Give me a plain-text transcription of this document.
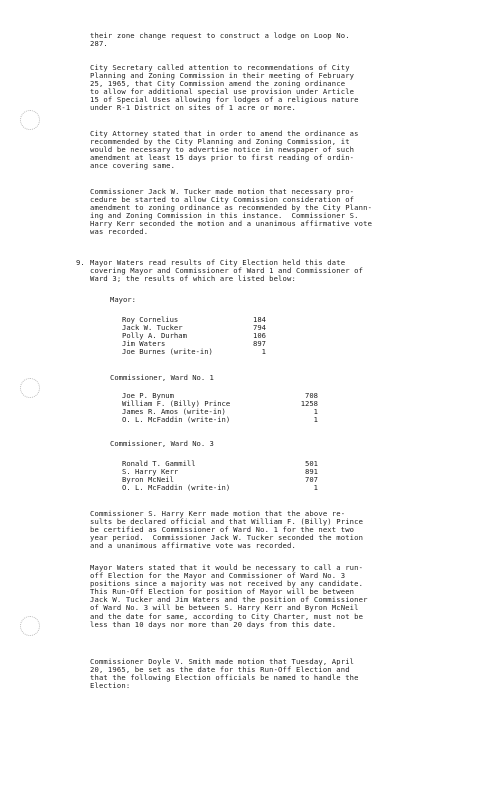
their zone change request to construct a lodge on Loop No.
287.

City Secretary called attention to recommendations of City
Planning and Zoning Commission in their meeting of February
25, 1965, that City Commission amend the zoning ordinance
to allow for additional special use provision under Article
15 of Special Uses allowing for lodges of a religious nature
under R-1 District on sites of 1 acre or more.

City Attorney stated that in order to amend the ordinance as
recommended by the City Planning and Zoning Commission, it
would be necessary to advertise notice in newspaper of such
amendment at least 15 days prior to first reading of ordin-
ance covering same.

Commissioner Jack W. Tucker made motion that necessary pro-
cedure be started to allow City Commission consideration of
amendment to zoning ordinance as recommended by the City Plann-
ing and Zoning Commission in this instance.  Commissioner S.
Harry Kerr seconded the motion and a unanimous affirmative vote
was recorded.

9. Mayor Waters read results of City Election held this date
covering Mayor and Commissioner of Ward 1 and Commissioner of
Ward 3; the results of which are listed below:

Mayor:
Roy Cornelius	184
Jack W. Tucker	794
Polly A. Durham	106
Jim Waters	897
Joe Burnes (write-in)	1
Commissioner, Ward No. 1
Joe P. Bynum	708
William F. (Billy) Prince	1258
James R. Amos (write-in)	1
O. L. McFaddin (write-in)	1
Commissioner, Ward No. 3
Ronald T. Gammill	501
S. Harry Kerr	891
Byron McNeil	707
O. L. McFaddin (write-in)	1

Commissioner S. Harry Kerr made motion that the above re-
sults be declared official and that William F. (Billy) Prince
be certified as Commissioner of Ward No. 1 for the next two
year period.  Commissioner Jack W. Tucker seconded the motion
and a unanimous affirmative vote was recorded.

Mayor Waters stated that it would be necessary to call a run-
off Election for the Mayor and Commissioner of Ward No. 3
positions since a majority was not received by any candidate.
This Run-Off Election for position of Mayor will be between
Jack W. Tucker and Jim Waters and the position of Commissioner
of Ward No. 3 will be between S. Harry Kerr and Byron McNeil
and the date for same, according to City Charter, must not be
less than 10 days nor more than 20 days from this date.

Commissioner Doyle V. Smith made motion that Tuesday, April
20, 1965, be set as the date for this Run-Off Election and
that the following Election officials be named to handle the
Election:
